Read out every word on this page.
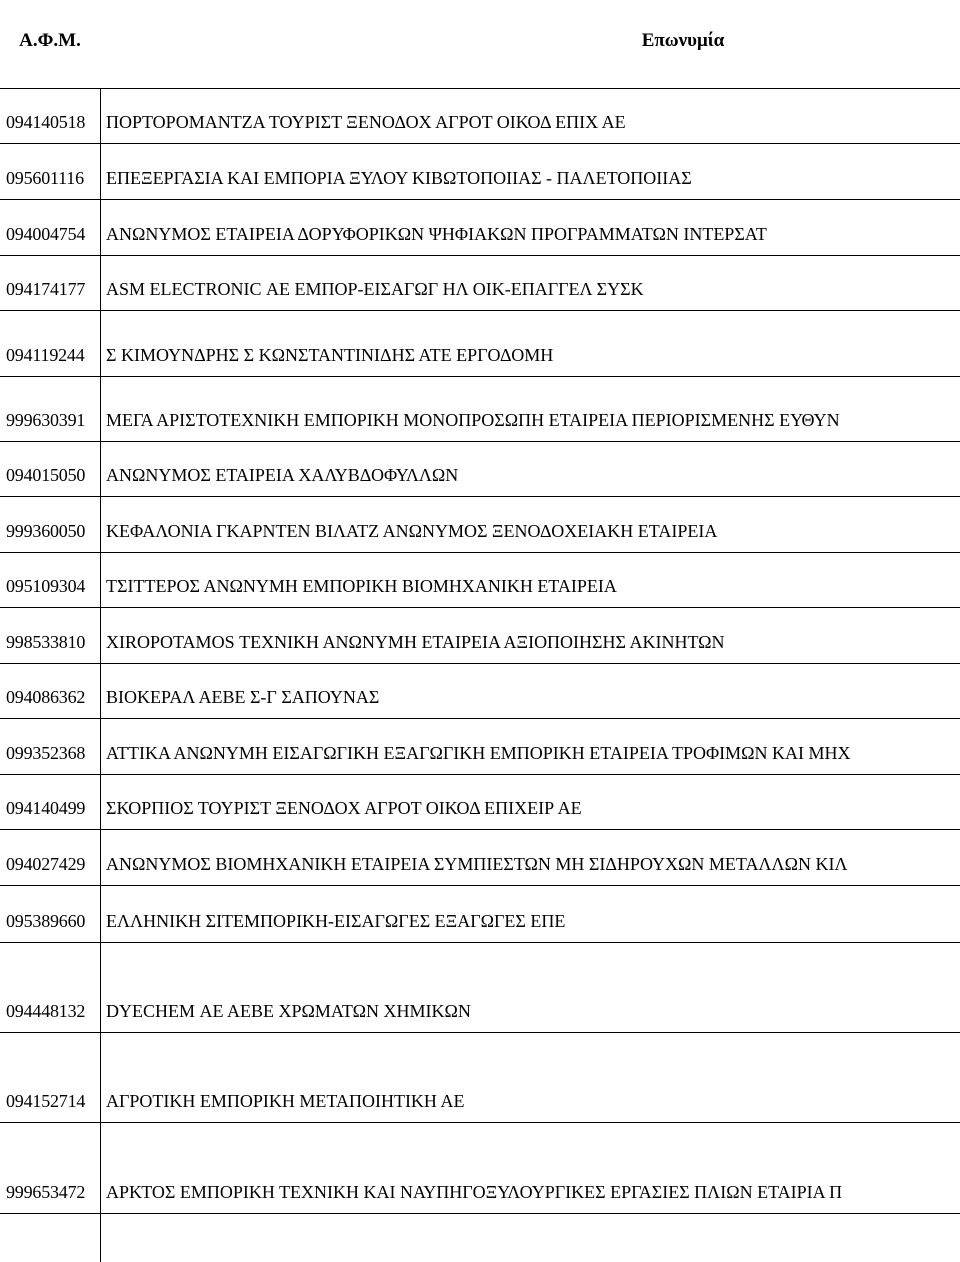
Α.Φ.Μ.	Επωνυμία
094140518 ΠΟΡΤΟΡΟΜΑΝΤΖΑ ΤΟΥΡΙΣΤ ΞΕΝΟΔΟΧ ΑΓΡΟΤ ΟΙΚΟΔ ΕΠΙΧ ΑΕ
095601116 ΕΠΕΞΕΡΓΑΣΙΑ ΚΑΙ ΕΜΠΟΡΙΑ ΞΥΛΟΥ ΚΙΒΩΤΟΠΟΙΙΑΣ - ΠΑΛΕΤΟΠΟΙΙΑΣ
094004754 ΑΝΩΝΥΜΟΣ ΕΤΑΙΡΕΙΑ ΔΟΡΥΦΟΡΙΚΩΝ ΨΗΦΙΑΚΩΝ ΠΡΟΓΡΑΜΜΑΤΩΝ ΙΝΤΕΡΣΑΤ
094174177 ASM ELECTRONIC ΑΕ ΕΜΠΟΡ-ΕΙΣΑΓΩΓ ΗΛ ΟΙΚ-ΕΠΑΓΓΕΛ ΣΥΣΚ
094119244 Σ ΚΙΜΟΥΝΔΡΗΣ Σ ΚΩΝΣΤΑΝΤΙΝΙΔΗΣ ΑΤΕ ΕΡΓΟΔΟΜΗ
999630391 ΜΕΓΑ ΑΡΙΣΤΟΤΕΧΝΙΚΗ ΕΜΠΟΡΙΚΗ ΜΟΝΟΠΡΟΣΩΠΗ ΕΤΑΙΡΕΙΑ ΠΕΡΙΟΡΙΣΜΕΝΗΣ ΕΥΘΥΝ
094015050 ΑΝΩΝΥΜΟΣ ΕΤΑΙΡΕΙΑ ΧΑΛΥΒΔΟΦΥΛΛΩΝ
999360050 ΚΕΦΑΛΟΝΙΑ ΓΚΑΡΝΤΕΝ ΒΙΛΑΤΖ ΑΝΩΝΥΜΟΣ ΞΕΝΟΔΟΧΕΙΑΚΗ ΕΤΑΙΡΕΙΑ
095109304 ΤΣΙΤΤΕΡΟΣ ΑΝΩΝΥΜΗ ΕΜΠΟΡΙΚΗ ΒΙΟΜΗΧΑΝΙΚΗ ΕΤΑΙΡΕΙΑ
998533810 XIROPOTAMOS ΤΕΧΝΙΚΗ ΑΝΩΝΥΜΗ ΕΤΑΙΡΕΙΑ ΑΞΙΟΠΟΙΗΣΗΣ ΑΚΙΝΗΤΩΝ
094086362 ΒΙΟΚΕΡΑΛ ΑΕΒΕ Σ-Γ ΣΑΠΟΥΝΑΣ
099352368 ΑΤΤΙΚΑ ΑΝΩΝΥΜΗ ΕΙΣΑΓΩΓΙΚΗ ΕΞΑΓΩΓΙΚΗ ΕΜΠΟΡΙΚΗ ΕΤΑΙΡΕΙΑ ΤΡΟΦΙΜΩΝ ΚΑΙ ΜΗΧ
094140499 ΣΚΟΡΠΙΟΣ ΤΟΥΡΙΣΤ ΞΕΝΟΔΟΧ ΑΓΡΟΤ ΟΙΚΟΔ ΕΠΙΧΕΙΡ ΑΕ
094027429 ΑΝΩΝΥΜΟΣ ΒΙΟΜΗΧΑΝΙΚΗ ΕΤΑΙΡΕΙΑ ΣΥΜΠΙΕΣΤΩΝ ΜΗ ΣΙΔΗΡΟΥΧΩΝ ΜΕΤΑΛΛΩΝ ΚΙΛ
095389660 ΕΛΛΗΝΙΚΗ ΣΙΤΕΜΠΟΡΙΚΗ-ΕΙΣΑΓΩΓΕΣ ΕΞΑΓΩΓΕΣ ΕΠΕ
094448132 DYECHEM ΑΕ ΑΕΒΕ ΧΡΩΜΑΤΩΝ ΧΗΜΙΚΩΝ
094152714 ΑΓΡΟΤΙΚΗ ΕΜΠΟΡΙΚΗ ΜΕΤΑΠΟΙΗΤΙΚΗ ΑΕ
999653472 ΑΡΚΤΟΣ ΕΜΠΟΡΙΚΗ ΤΕΧΝΙΚΗ ΚΑΙ ΝΑΥΠΗΓΟΞΥΛΟΥΡΓΙΚΕΣ ΕΡΓΑΣΙΕΣ ΠΛΙΩΝ ΕΤΑΙΡΙΑ Π
